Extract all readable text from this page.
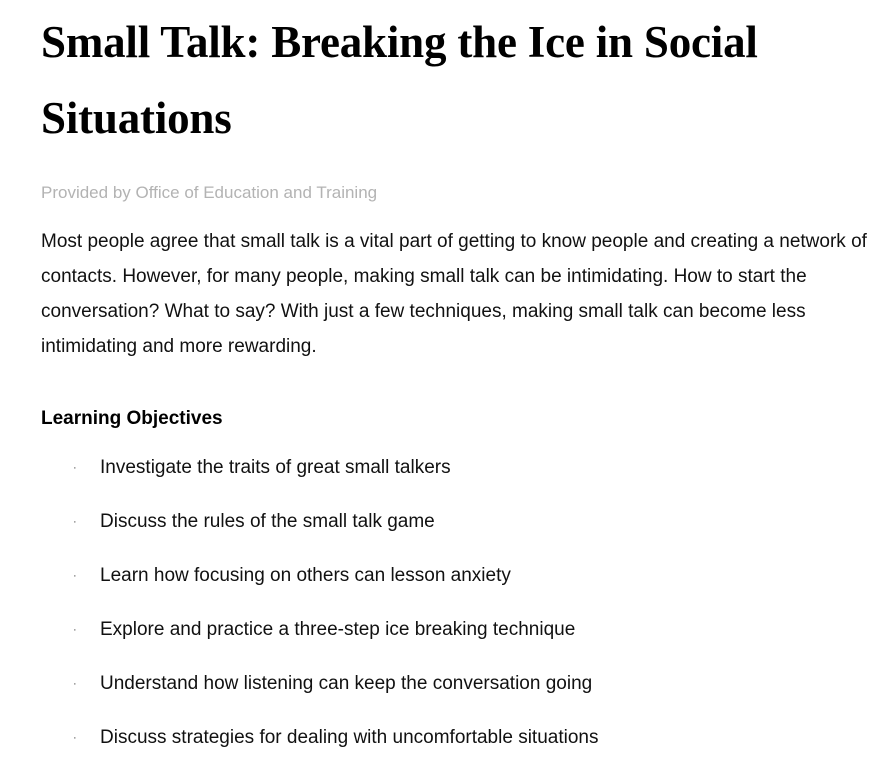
Small Talk: Breaking the Ice in Social Situations

Provided by Office of Education and Training

Most people agree that small talk is a vital part of getting to know people and creating a network of contacts. However, for many people, making small talk can be intimidating. How to start the conversation? What to say? With just a few techniques, making small talk can become less intimidating and more rewarding.

Learning Objectives
· Investigate the traits of great small talkers
· Discuss the rules of the small talk game
· Learn how focusing on others can lesson anxiety
· Explore and practice a three-step ice breaking technique
· Understand how listening can keep the conversation going
· Discuss strategies for dealing with uncomfortable situations
